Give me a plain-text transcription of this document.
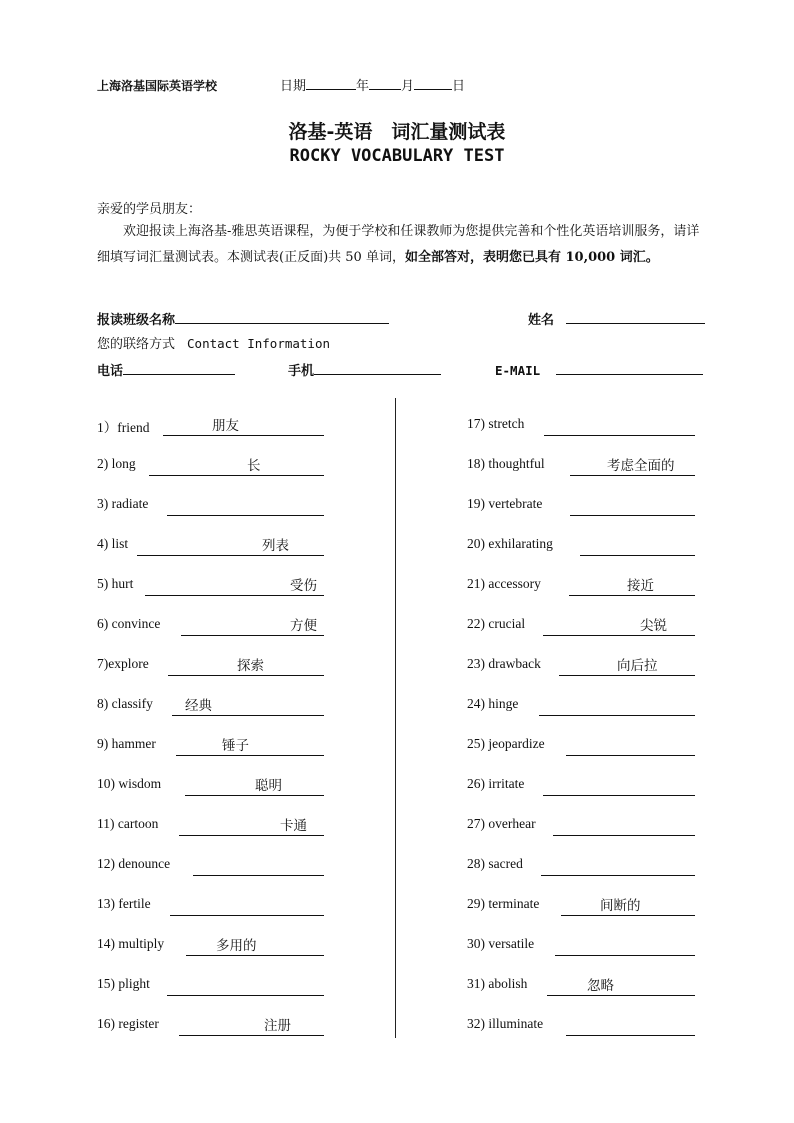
上海洛基国际英语学校	日期	年 月	日
洛基-英语　词汇量测试表
ROCKY VOCABULARY TEST
亲爱的学员朋友：
欢迎报读上海洛基-雅思英语课程，为便于学校和任课教师为您提供完善和个性化英语培训服务，请详细填写词汇量测试表。本测试表(正反面)共 50 单词，如全部答对，表明您已具有 10,000 词汇。
报读班级名称	姓名
您的联络方式 Contact Information
电话	手机	E-MAIL
1）friend	朋友
2) long	长
3) radiate
4) list	列表
5) hurt	受伤
6) convince	方便
7)explore	探索
8) classify 经典
9) hammer	锤子
10) wisdom	聪明
11) cartoon	卡通
12) denounce
13) fertile
14) multiply	多用的
15) plight
16) register	注册
17) stretch
18) thoughtful	考虑全面的
19) vertebrate
20) exhilarating
21) accessory	接近
22) crucial	尖锐
23) drawback	向后拉
24) hinge
25) jeopardize
26) irritate
27) overhear
28) sacred
29) terminate	间断的
30) versatile
31) abolish	忽略
32) illuminate
